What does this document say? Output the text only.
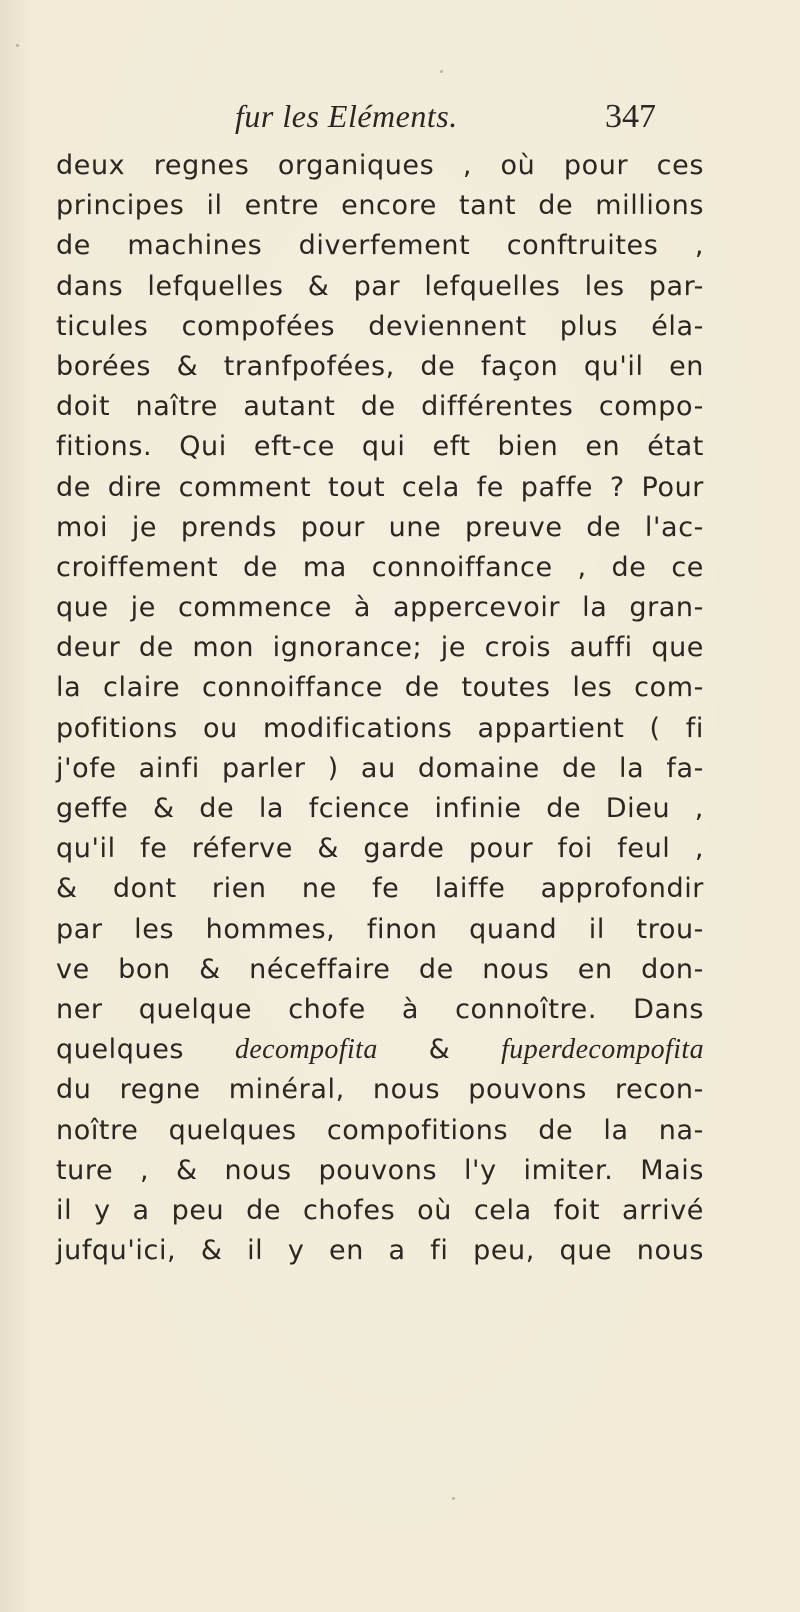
fur les Eléments.	347
deux regnes organiques , où pour ces
principes il entre encore tant de millions
de machines diverfement conftruites ,
dans lefquelles & par lefquelles les par-
ticules compofées deviennent plus éla-
borées & tranfpofées, de façon qu'il en
doit naître autant de différentes compo-
fitions. Qui eft-ce qui eft bien en état
de dire comment tout cela fe paffe ? Pour
moi je prends pour une preuve de l'ac-
croiffement de ma connoiffance , de ce
que je commence à appercevoir la gran-
deur de mon ignorance; je crois auffi que
la claire connoiffance de toutes les com-
pofitions ou modifications appartient ( fi
j'ofe ainfi parler ) au domaine de la fa-
geffe & de la fcience infinie de Dieu ,
qu'il fe réferve & garde pour foi feul ,
& dont rien ne fe laiffe approfondir
par les hommes, finon quand il trou-
ve bon & néceffaire de nous en don-
ner quelque chofe à connoître. Dans
quelques decompofita & fuperdecompofita
du regne minéral, nous pouvons recon-
noître quelques compofitions de la na-
ture , & nous pouvons l'y imiter. Mais
il y a peu de chofes où cela foit arrivé
jufqu'ici, & il y en a fi peu, que nous
